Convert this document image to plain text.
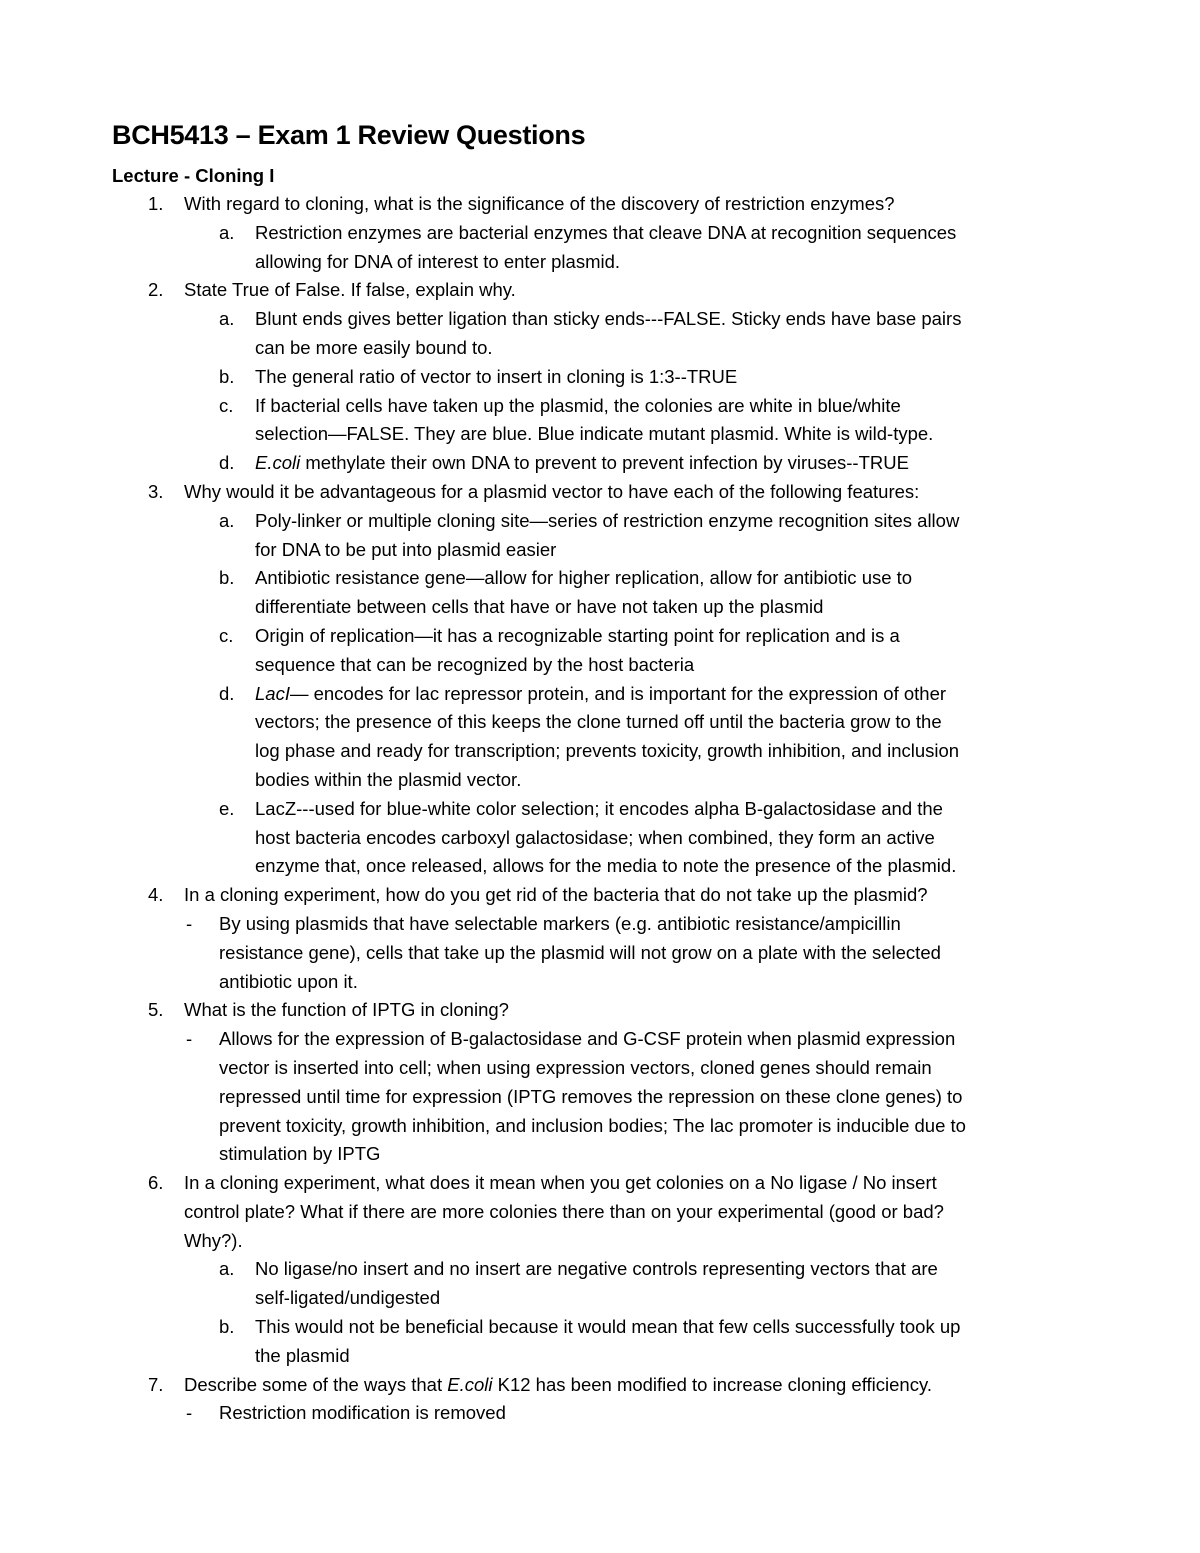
BCH5413 – Exam 1 Review Questions
Lecture - Cloning I
1. With regard to cloning, what is the significance of the discovery of restriction enzymes?
a. Restriction enzymes are bacterial enzymes that cleave DNA at recognition sequences
allowing for DNA of interest to enter plasmid.
2. State True of False. If false, explain why.
a. Blunt ends gives better ligation than sticky ends---FALSE. Sticky ends have base pairs
can be more easily bound to.
b. The general ratio of vector to insert in cloning is 1:3--TRUE
c. If bacterial cells have taken up the plasmid, the colonies are white in blue/white
selection—FALSE. They are blue. Blue indicate mutant plasmid. White is wild-type.
d. E.coli methylate their own DNA to prevent to prevent infection by viruses--TRUE
3. Why would it be advantageous for a plasmid vector to have each of the following features:
a. Poly-linker or multiple cloning site—series of restriction enzyme recognition sites allow
for DNA to be put into plasmid easier
b. Antibiotic resistance gene—allow for higher replication, allow for antibiotic use to
differentiate between cells that have or have not taken up the plasmid
c. Origin of replication—it has a recognizable starting point for replication and is a
sequence that can be recognized by the host bacteria
d. LacI— encodes for lac repressor protein, and is important for the expression of other
vectors; the presence of this keeps the clone turned off until the bacteria grow to the
log phase and ready for transcription; prevents toxicity, growth inhibition, and inclusion
bodies within the plasmid vector.
e. LacZ---used for blue-white color selection; it encodes alpha B-galactosidase and the
host bacteria encodes carboxyl galactosidase; when combined, they form an active
enzyme that, once released, allows for the media to note the presence of the plasmid.
4. In a cloning experiment, how do you get rid of the bacteria that do not take up the plasmid?
- By using plasmids that have selectable markers (e.g. antibiotic resistance/ampicillin
resistance gene), cells that take up the plasmid will not grow on a plate with the selected
antibiotic upon it.
5. What is the function of IPTG in cloning?
- Allows for the expression of B-galactosidase and G-CSF protein when plasmid expression
vector is inserted into cell; when using expression vectors, cloned genes should remain
repressed until time for expression (IPTG removes the repression on these clone genes) to
prevent toxicity, growth inhibition, and inclusion bodies; The lac promoter is inducible due to
stimulation by IPTG
6. In a cloning experiment, what does it mean when you get colonies on a No ligase / No insert
control plate? What if there are more colonies there than on your experimental (good or bad?
Why?).
a. No ligase/no insert and no insert are negative controls representing vectors that are
self-ligated/undigested
b. This would not be beneficial because it would mean that few cells successfully took up
the plasmid
7. Describe some of the ways that E.coli K12 has been modified to increase cloning efficiency.
- Restriction modification is removed
